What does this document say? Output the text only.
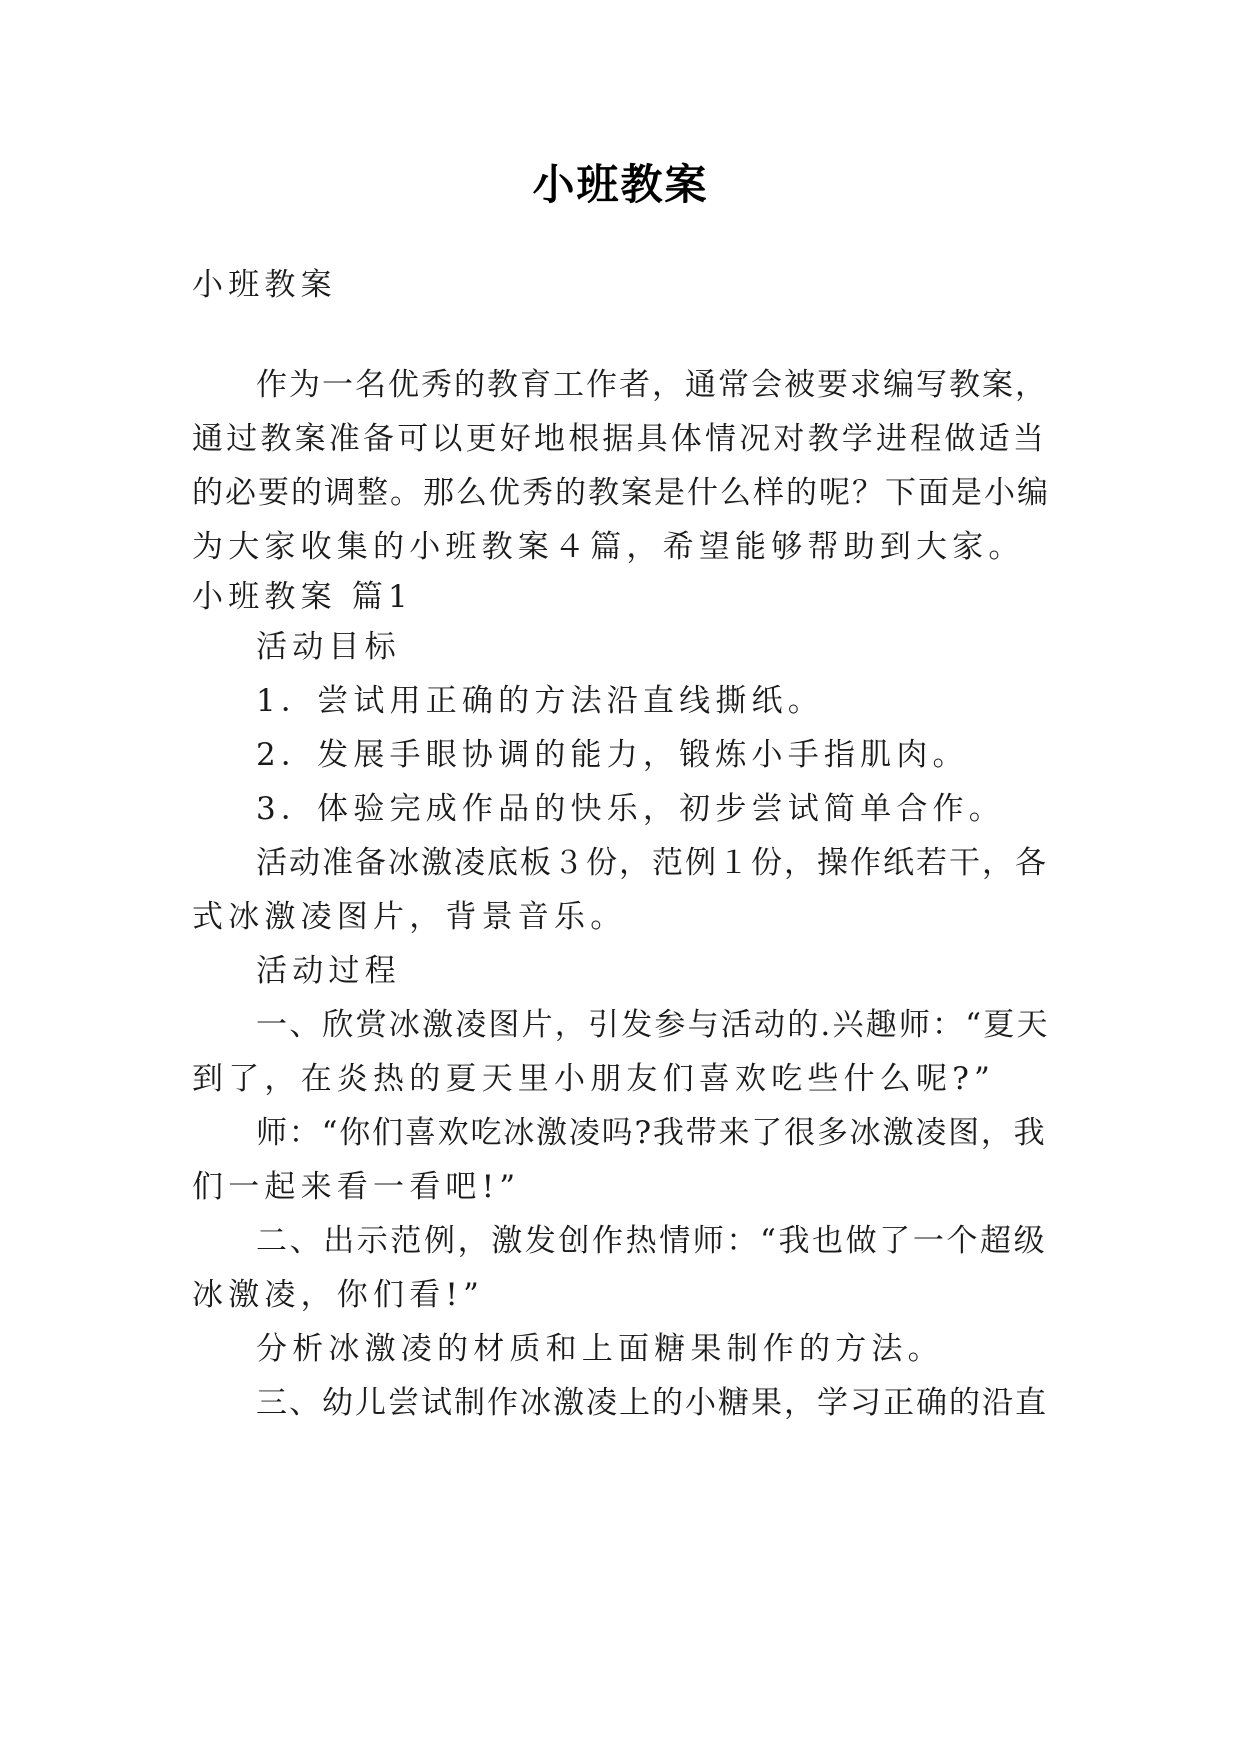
小班教案

小班教案

作为一名优秀的教育工作者，通常会被要求编写教案，

通过教案准备可以更好地根据具体情况对教学进程做适当

的必要的调整。那么优秀的教案是什么样的呢？下面是小编

为大家收集的小班教案４篇，希望能够帮助到大家。

小班教案 篇1

活动目标

1．尝试用正确的方法沿直线撕纸。

2．发展手眼协调的能力，锻炼小手指肌肉。

3．体验完成作品的快乐，初步尝试简单合作。

活动准备冰激凌底板３份，范例１份，操作纸若干，各

式冰激凌图片，背景音乐。

活动过程

一、欣赏冰激凌图片，引发参与活动的.兴趣师：“夏天

到了，在炎热的夏天里小朋友们喜欢吃些什么呢?”

师：“你们喜欢吃冰激凌吗?我带来了很多冰激凌图，我

们一起来看一看吧!”

二、出示范例，激发创作热情师：“我也做了一个超级

冰激凌，你们看!”

分析冰激凌的材质和上面糖果制作的方法。

三、幼儿尝试制作冰激凌上的小糖果，学习正确的沿直
